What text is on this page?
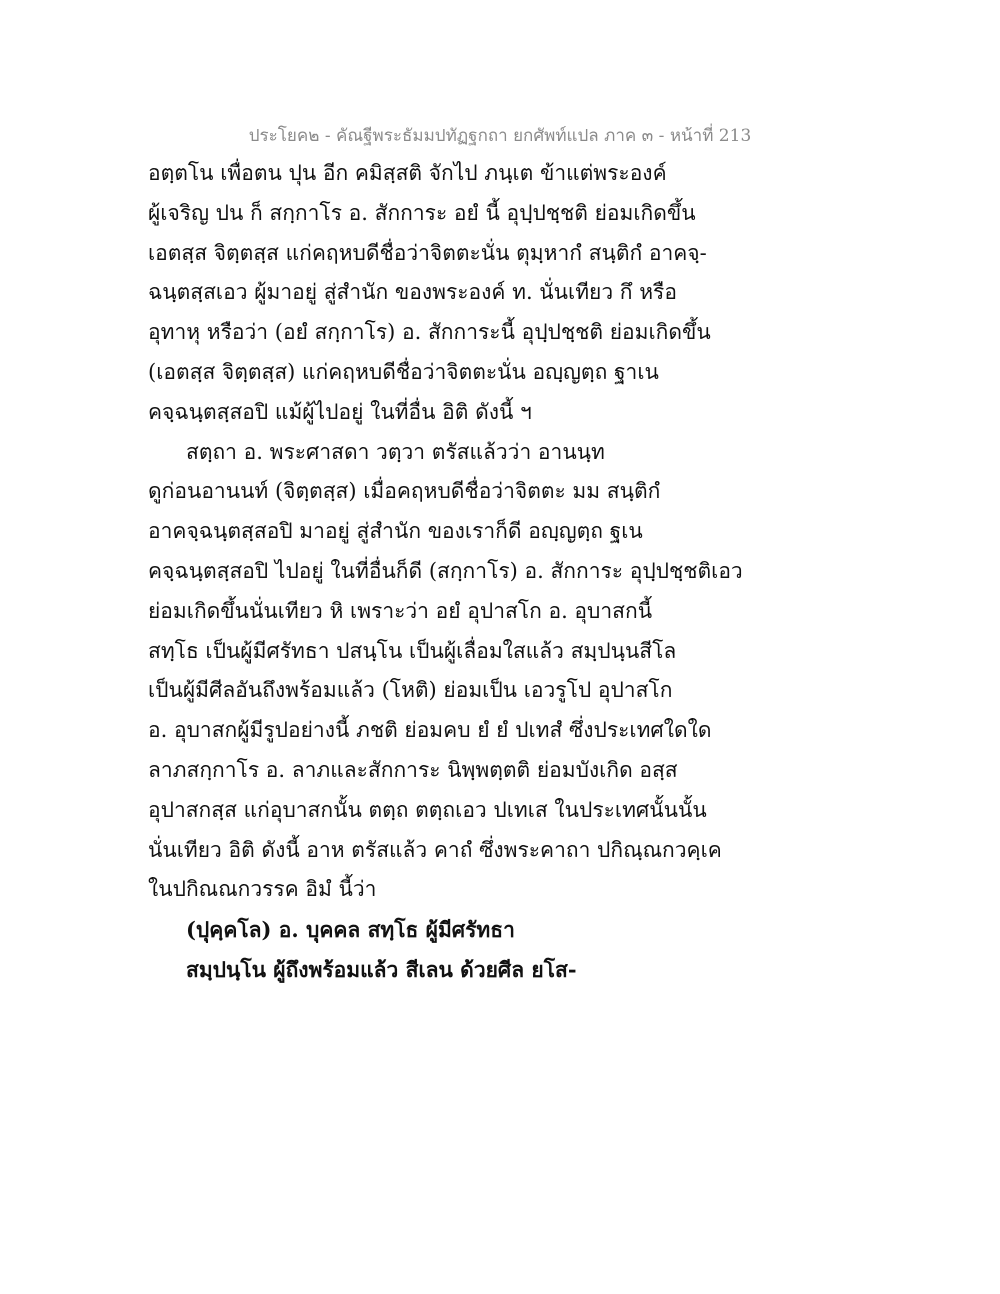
ประโยค๒ - คัณฐีพระธัมมปทัฏฐกถา ยกศัพท์แปล ภาค ๓ - หน้าที่ 213
อตฺตโน เพื่อตน ปุน อีก คมิสฺสติ จักไป ภนฺเต ข้าแต่พระองค์
ผู้เจริญ ปน ก็ สกฺกาโร อ. สักการะ อยํ นี้ อุปฺปชฺชติ ย่อมเกิดขึ้น
เอตสฺส จิตฺตสฺส แก่คฤหบดีชื่อว่าจิตตะนั่น ตุมฺหากํ สนฺติกํ อาคจฺ-
ฉนฺตสฺสเอว ผู้มาอยู่ สู่สำนัก ของพระองค์ ท. นั่นเทียว กึ หรือ
อุทาหุ หรือว่า (อยํ สกฺกาโร) อ. สักการะนี้ อุปฺปชฺชติ ย่อมเกิดขึ้น
(เอตสฺส จิตฺตสฺส) แก่คฤหบดีชื่อว่าจิตตะนั่น อญฺญตฺถ ฐาเน
คจฺฉนฺตสฺสอปิ แม้ผู้ไปอยู่ ในที่อื่น อิติ ดังนี้ ฯ
สตฺถา อ. พระศาสดา วตฺวา ตรัสแล้วว่า อานนฺท
ดูก่อนอานนท์ (จิตฺตสฺส) เมื่อคฤหบดีชื่อว่าจิตตะ มม สนฺติกํ
อาคจฺฉนฺตสฺสอปิ มาอยู่ สู่สำนัก ของเราก็ดี อญฺญตฺถ ฐเน
คจฺฉนฺตสฺสอปิ ไปอยู่ ในที่อื่นก็ดี (สกฺกาโร) อ. สักการะ อุปฺปชฺชติเอว
ย่อมเกิดขึ้นนั่นเทียว หิ เพราะว่า อยํ อุปาสโก อ. อุบาสกนี้
สทฺโธ เป็นผู้มีศรัทธา ปสนฺโน เป็นผู้เลื่อมใสแล้ว สมฺปนฺนสีโล
เป็นผู้มีศีลอันถึงพร้อมแล้ว (โหติ) ย่อมเป็น เอวรูโป อุปาสโก
อ. อุบาสกผู้มีรูปอย่างนี้ ภชติ ย่อมคบ ยํ ยํ ปเทสํ ซึ่งประเทศใดใด
ลาภสกฺกาโร อ. ลาภและสักการะ นิพฺพตฺตติ ย่อมบังเกิด อสฺส
อุปาสกสฺส แก่อุบาสกนั้น ตตฺถ ตตฺถเอว ปเทเส ในประเทศนั้นนั้น
นั่นเทียว อิติ ดังนี้ อาห ตรัสแล้ว คาถํ ซึ่งพระคาถา ปกิณฺณกวคฺเค
ในปกิณณกวรรค อิมํ นี้ว่า
(ปุคฺคโล) อ. บุคคล สทฺโธ ผู้มีศรัทธา
สมฺปนฺโน ผู้ถึงพร้อมแล้ว สีเลน ด้วยศีล ยโส-
